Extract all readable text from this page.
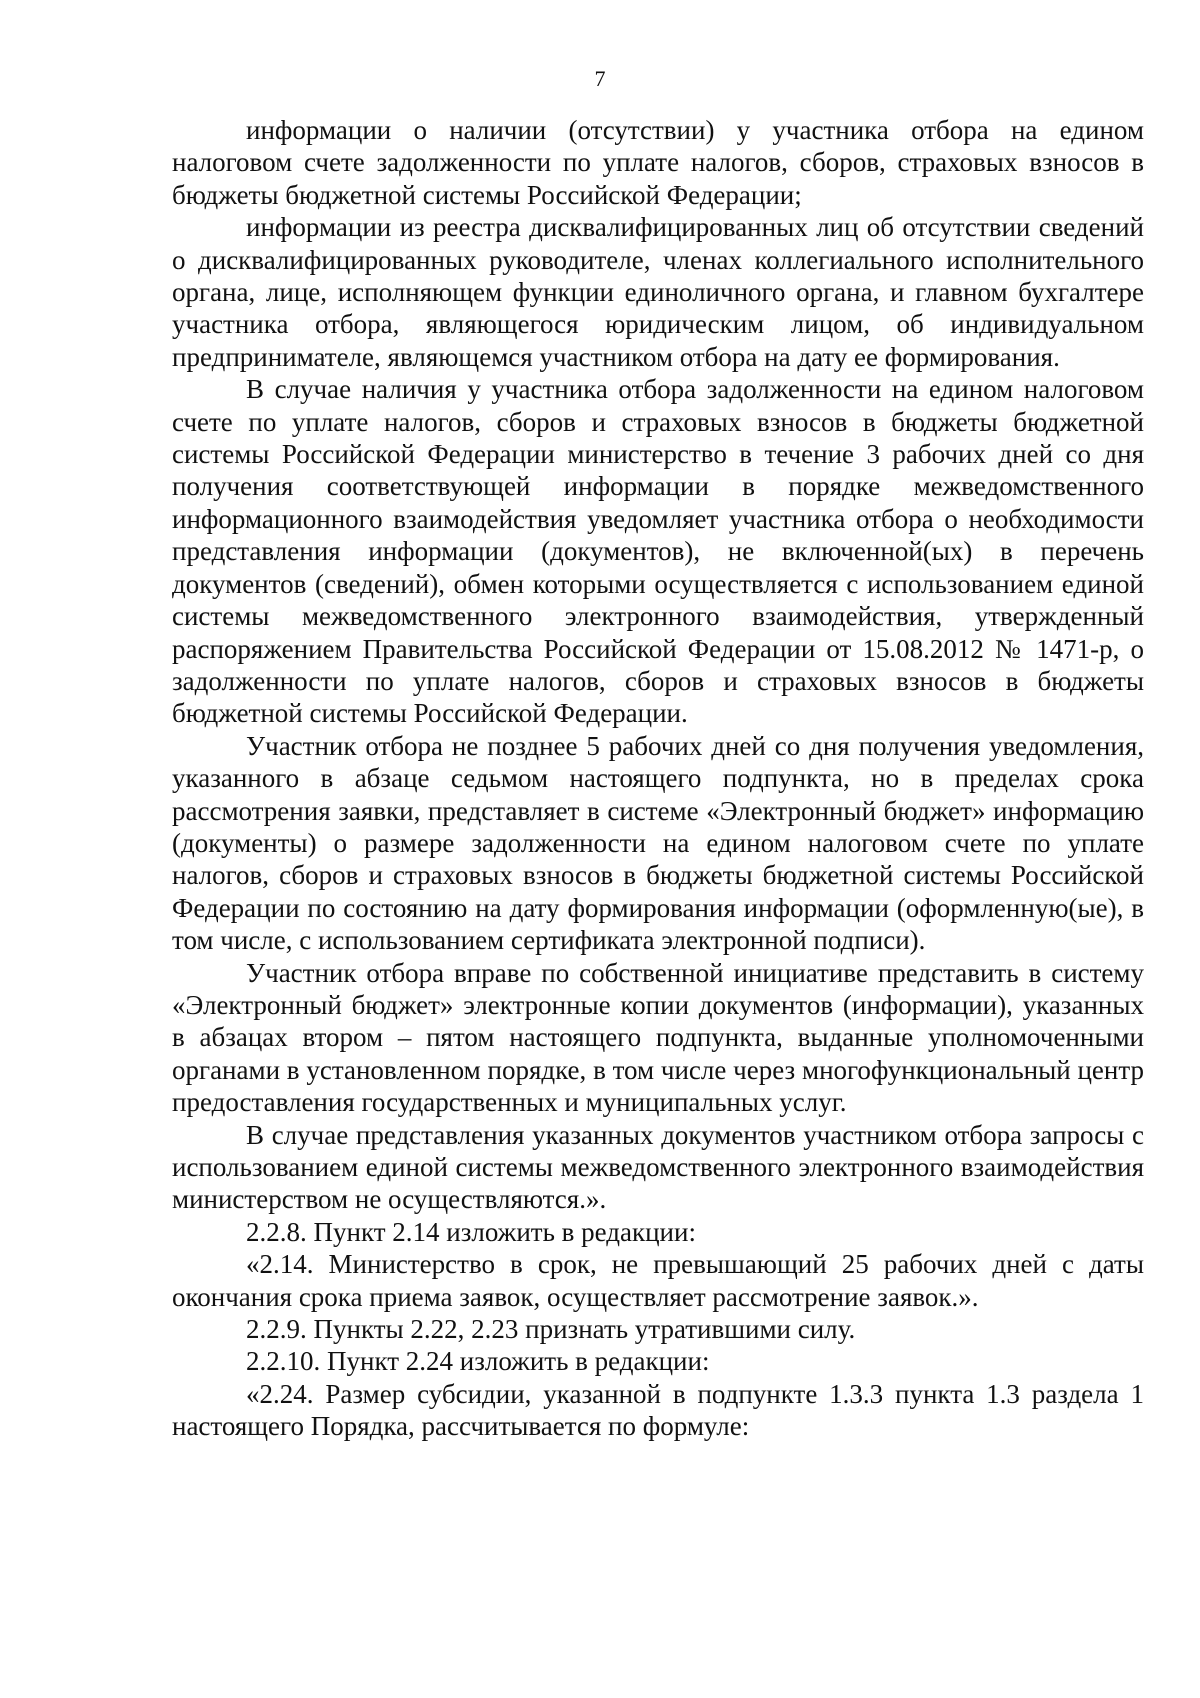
7

информации о наличии (отсутствии) у участника отбора на едином налоговом счете задолженности по уплате налогов, сборов, страховых взносов в бюджеты бюджетной системы Российской Федерации;

информации из реестра дисквалифицированных лиц об отсутствии сведений о дисквалифицированных руководителе, членах коллегиального исполнительного органа, лице, исполняющем функции единоличного органа, и главном бухгалтере участника отбора, являющегося юридическим лицом, об индивидуальном предпринимателе, являющемся участником отбора на дату ее формирования.

В случае наличия у участника отбора задолженности на едином налоговом счете по уплате налогов, сборов и страховых взносов в бюджеты бюджетной системы Российской Федерации министерство в течение 3 рабочих дней со дня получения соответствующей информации в порядке межведомственного информационного взаимодействия уведомляет участника отбора о необходимости представления информации (документов), не включенной(ых) в перечень документов (сведений), обмен которыми осуществляется с использованием единой системы межведомственного электронного взаимодействия, утвержденный распоряжением Правительства Российской Федерации от 15.08.2012 № 1471-р, о задолженности по уплате налогов, сборов и страховых взносов в бюджеты бюджетной системы Российской Федерации.

Участник отбора не позднее 5 рабочих дней со дня получения уведомления, указанного в абзаце седьмом настоящего подпункта, но в пределах срока рассмотрения заявки, представляет в системе «Электронный бюджет» информацию (документы) о размере задолженности на едином налоговом счете по уплате налогов, сборов и страховых взносов в бюджеты бюджетной системы Российской Федерации по состоянию на дату формирования информации (оформленную(ые), в том числе, с использованием сертификата электронной подписи).

Участник отбора вправе по собственной инициативе представить в систему «Электронный бюджет» электронные копии документов (информации), указанных в абзацах втором – пятом настоящего подпункта, выданные уполномоченными органами в установленном порядке, в том числе через многофункциональный центр предоставления государственных и муниципальных услуг.

В случае представления указанных документов участником отбора запросы с использованием единой системы межведомственного электронного взаимодействия министерством не осуществляются.».

2.2.8. Пункт 2.14 изложить в редакции:

«2.14. Министерство в срок, не превышающий 25 рабочих дней с даты окончания срока приема заявок, осуществляет рассмотрение заявок.».

2.2.9. Пункты 2.22, 2.23 признать утратившими силу.

2.2.10. Пункт 2.24 изложить в редакции:

«2.24. Размер субсидии, указанной в подпункте 1.3.3 пункта 1.3 раздела 1 настоящего Порядка, рассчитывается по формуле:
